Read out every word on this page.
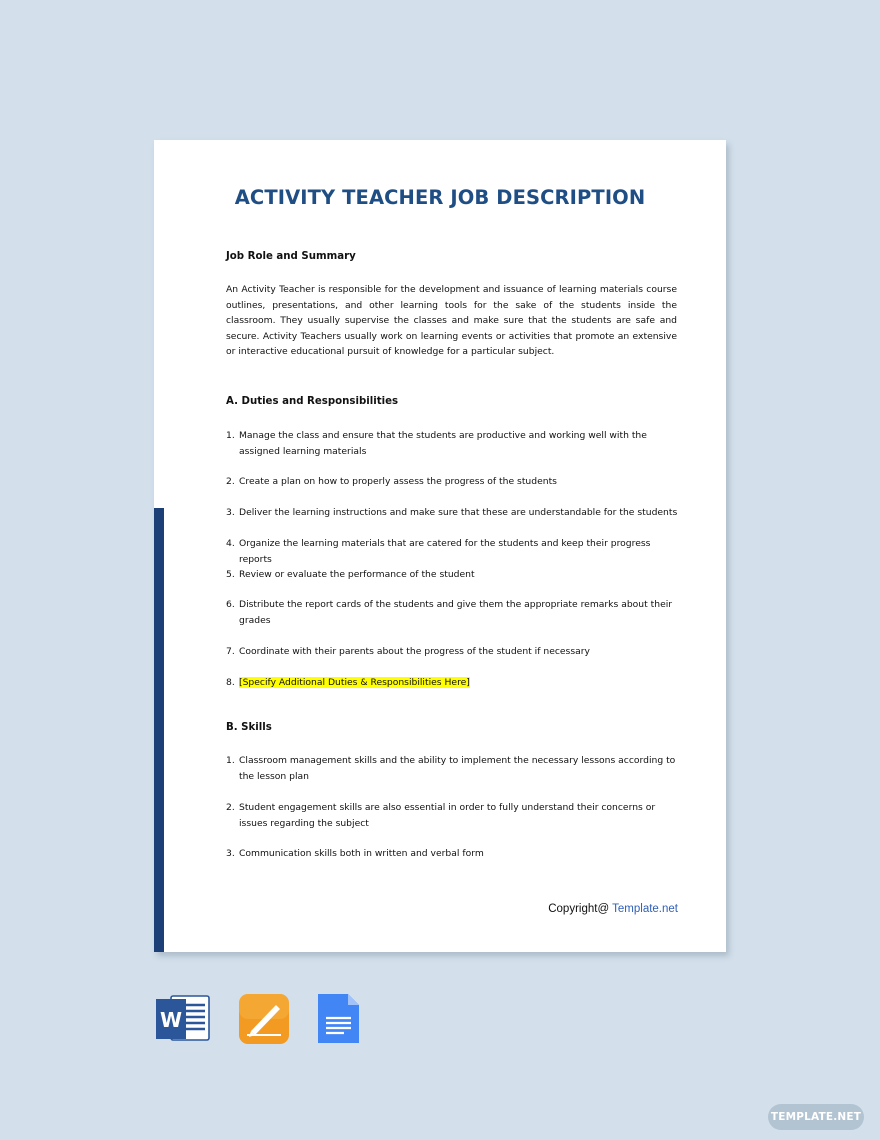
ACTIVITY TEACHER JOB DESCRIPTION
Job Role and Summary
An Activity Teacher is responsible for the development and issuance of learning materials course outlines, presentations, and other learning tools for the sake of the students inside the classroom. They usually supervise the classes and make sure that the students are safe and secure. Activity Teachers usually work on learning events or activities that promote an extensive or interactive educational pursuit of knowledge for a particular subject.
A. Duties and Responsibilities
1. Manage the class and ensure that the students are productive and working well with the assigned learning materials
2. Create a plan on how to properly assess the progress of the students
3. Deliver the learning instructions and make sure that these are understandable for the students
4. Organize the learning materials that are catered for the students and keep their progress reports
5. Review or evaluate the performance of the student
6. Distribute the report cards of the students and give them the appropriate remarks about their grades
7. Coordinate with their parents about the progress of the student if necessary
8. [Specify Additional Duties & Responsibilities Here]
B. Skills
1. Classroom management skills and the ability to implement the necessary lessons according to the lesson plan
2. Student engagement skills are also essential in order to fully understand their concerns or issues regarding the subject
3. Communication skills both in written and verbal form
Copyright@ Template.net
W
TEMPLATE.NET
